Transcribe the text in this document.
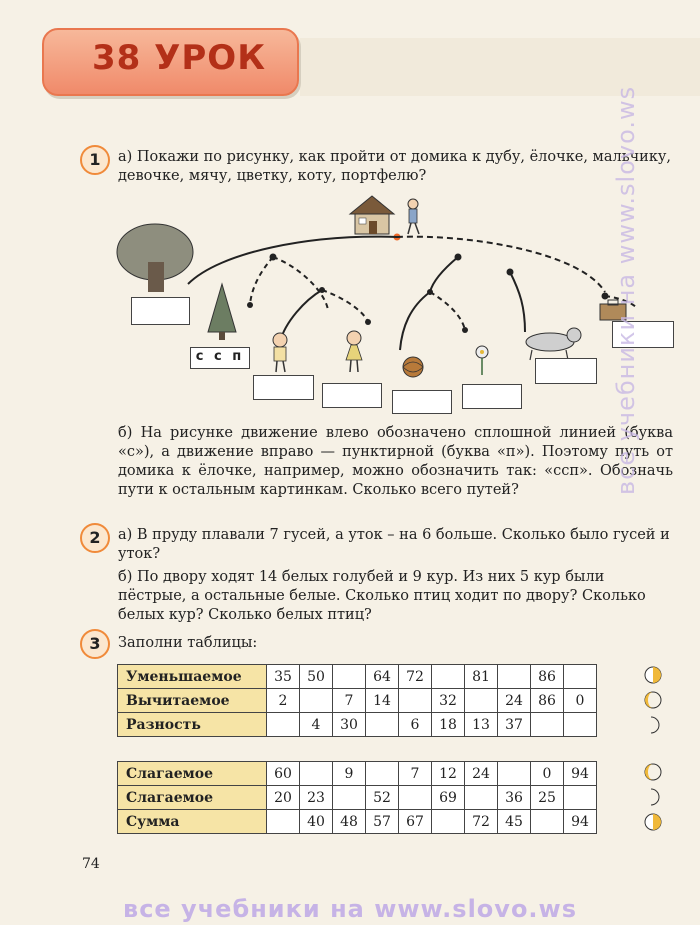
38 УРОК
1	а) Покажи по рисунку, как пройти от домика к дубу, ёлочке, мальчику, девочке, мячу, цветку, коту, портфелю?
с с п
б) На рисунке движение влево обозначено сплошной линией (буква «с»), а движение вправо — пунктирной (буква «п»). Поэтому путь от домика к ёлочке, например, можно обозначить так: «ссп». Обозначь пути к остальным картинкам. Сколько всего путей?
2	а) В пруду плавали 7 гусей, а уток – на 6 больше. Сколько было гусей и уток?
б) По двору ходят 14 белых голубей и 9 кур. Из них 5 кур были пёстрые, а остальные белые. Сколько птиц ходит по двору? Сколько белых кур? Сколько белых птиц?
3	Заполни таблицы:
Уменьшаемое	35	50		64	72		81		86	
Вычитаемое	2		7	14		32		24	86	0
Разность		4	30		6	18	13	37		
Слагаемое	60		9		7	12	24		0	94
Слагаемое	20	23		52		69		36	25	
Сумма		40	48	57	67		72	45		94
74
все учебники на www.slovo.ws
все учебники на www.slovo.ws
